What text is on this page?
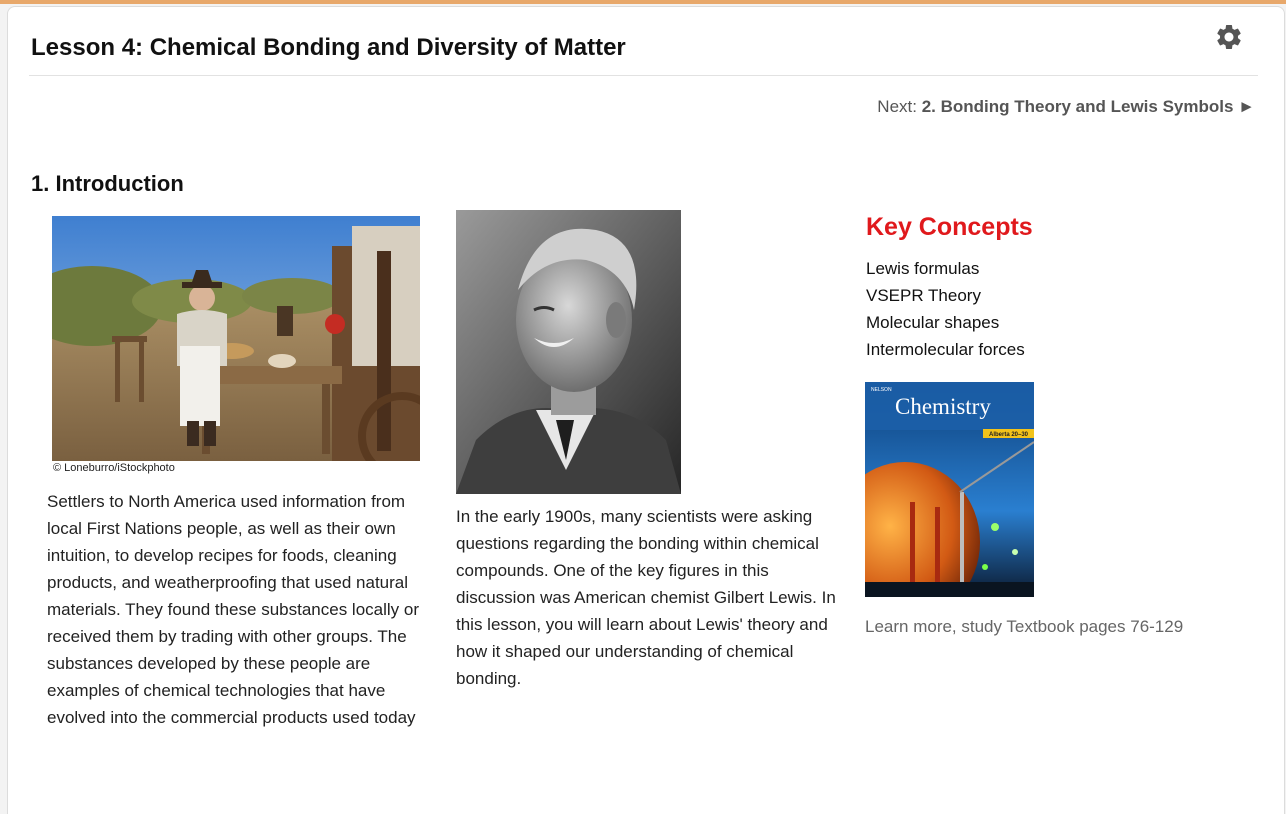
Lesson 4: Chemical Bonding and Diversity of Matter
Next: 2. Bonding Theory and Lewis Symbols ►
1. Introduction
© Loneburro/iStockphoto

Settlers to North America used information from local First Nations people, as well as their own intuition, to develop recipes for foods, cleaning products, and weatherproofing that used natural materials. They found these substances locally or received them by trading with other groups. The substances developed by these people are examples of chemical technologies that have evolved into the commercial products used today

In the early 1900s, many scientists were asking questions regarding the bonding within chemical compounds. One of the key figures in this discussion was American chemist Gilbert Lewis. In this lesson, you will learn about Lewis' theory and how it shaped our understanding of chemical bonding.

Key Concepts
Lewis formulas
VSEPR Theory
Molecular shapes
Intermolecular forces
NELSON
Chemistry
Alberta 20–30
Learn more, study Textbook pages 76-129
